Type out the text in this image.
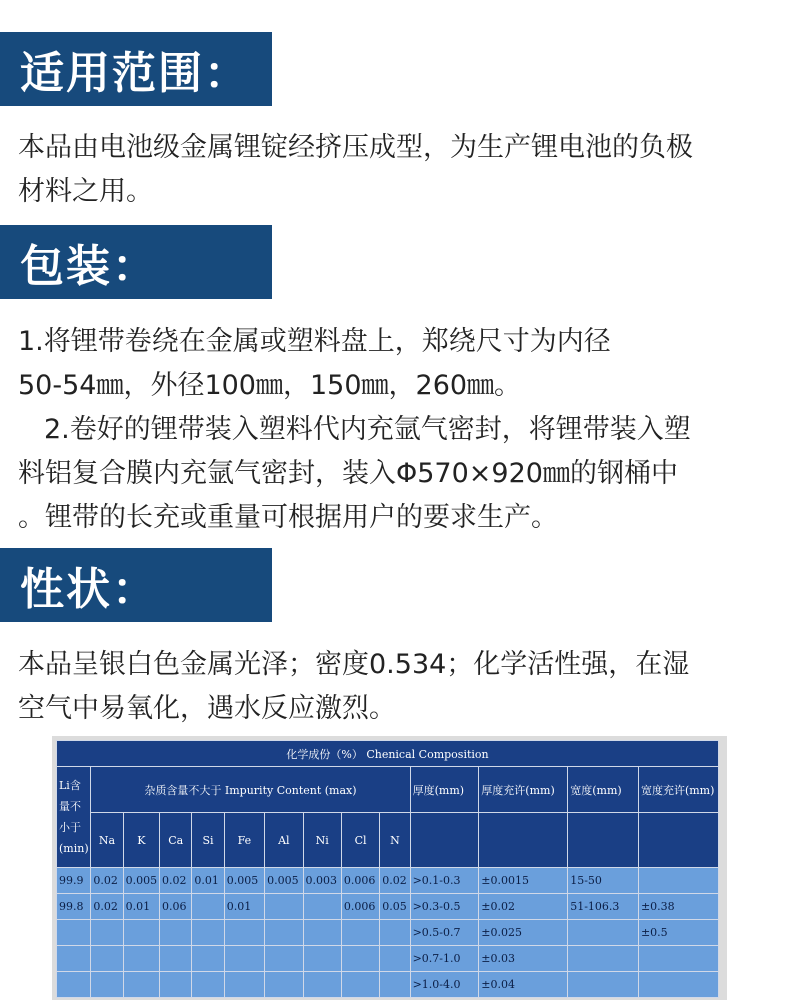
适用范围：

本品由电池级金属锂锭经挤压成型，为生产锂电池的负极

材料之用。

包装：

1.将锂带卷绕在金属或塑料盘上，郑绕尺寸为内径

50-54㎜，外径100㎜，150㎜，260㎜。

2.卷好的锂带装入塑料代内充氩气密封，将锂带装入塑

料铝复合膜内充氩气密封，装入Φ570×920㎜的钢桶中

。锂带的长充或重量可根据用户的要求生产。

性状：

本品呈银白色金属光泽；密度0.534；化学活性强，在湿

空气中易氧化，遇水反应激烈。

化学成份（%） Chenical Composition													
Li含量不小于(min)	杂质含量不大于 Impurity Content (max)									厚度(mm)	厚度充许(mm)	宽度(mm)	宽度充许(mm)
	Na	K	Ca	Si	Fe	Al	Ni	Cl	N				
99.9	0.02	0.005	0.02	0.01	0.005	0.005	0.003	0.006	0.02	>0.1-0.3	±0.0015	15-50	
99.8	0.02	0.01	0.06		0.01			0.006	0.05	>0.3-0.5	±0.02	51-106.3	±0.38
										>0.5-0.7	±0.025		±0.5
										>0.7-1.0	±0.03		
										>1.0-4.0	±0.04		
